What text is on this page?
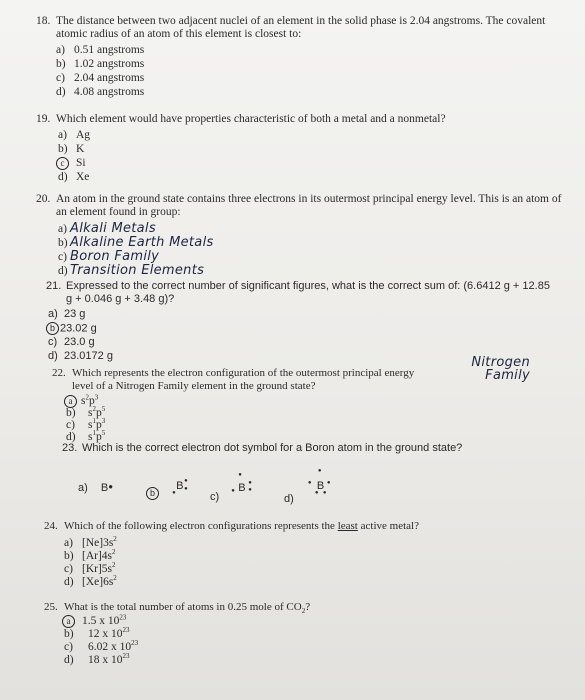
18. The distance between two adjacent nuclei of an element in the solid phase is 2.04 angstroms. The covalent atomic radius of an atom of this element is closest to:
a) 0.51 angstroms
b) 1.02 angstroms
c) 2.04 angstroms
d) 4.08 angstroms
19. Which element would have properties characteristic of both a metal and a nonmetal?
a) Ag
b) K
c Si
d) Xe
20. An atom in the ground state contains three electrons in its outermost principal energy level. This is an atom of an element found in group:
a) Alkali Metals
b) Alkaline Earth Metals
c) Boron Family
d) Transition Elements
21. Expressed to the correct number of significant figures, what is the correct sum of: (6.6412 g + 12.85 g + 0.046 g + 3.48 g)?
a) 23 g
b 23.02 g
c) 23.0 g
d) 23.0172 g
22. Which represents the electron configuration of the outermost principal energy level of a Nitrogen Family element in the ground state?
Nitrogen Family
a $s^2p^3$
b) $s^2p^5$
c) $s^1p^3$
d) $s^1p^5$
23. Which is the correct electron dot symbol for a Boron atom in the ground state?
a) B●
b
B ●
●
●	c)
B
●
●
●
●
d)
B
●
●	●
● ●
24. Which of the following electron configurations represents the least active metal?
a) $[Ne]3s^2$
b) $[Ar]4s^2$
c) $[Kr]5s^2$
d) $[Xe]6s^2$
25. What is the total number of atoms in 0.25 mole of $CO_2$?
a 1.5 x $10^{23}$
b) 12 x $10^{23}$
c) 6.02 x $10^{23}$
d) 18 x $10^{23}$
